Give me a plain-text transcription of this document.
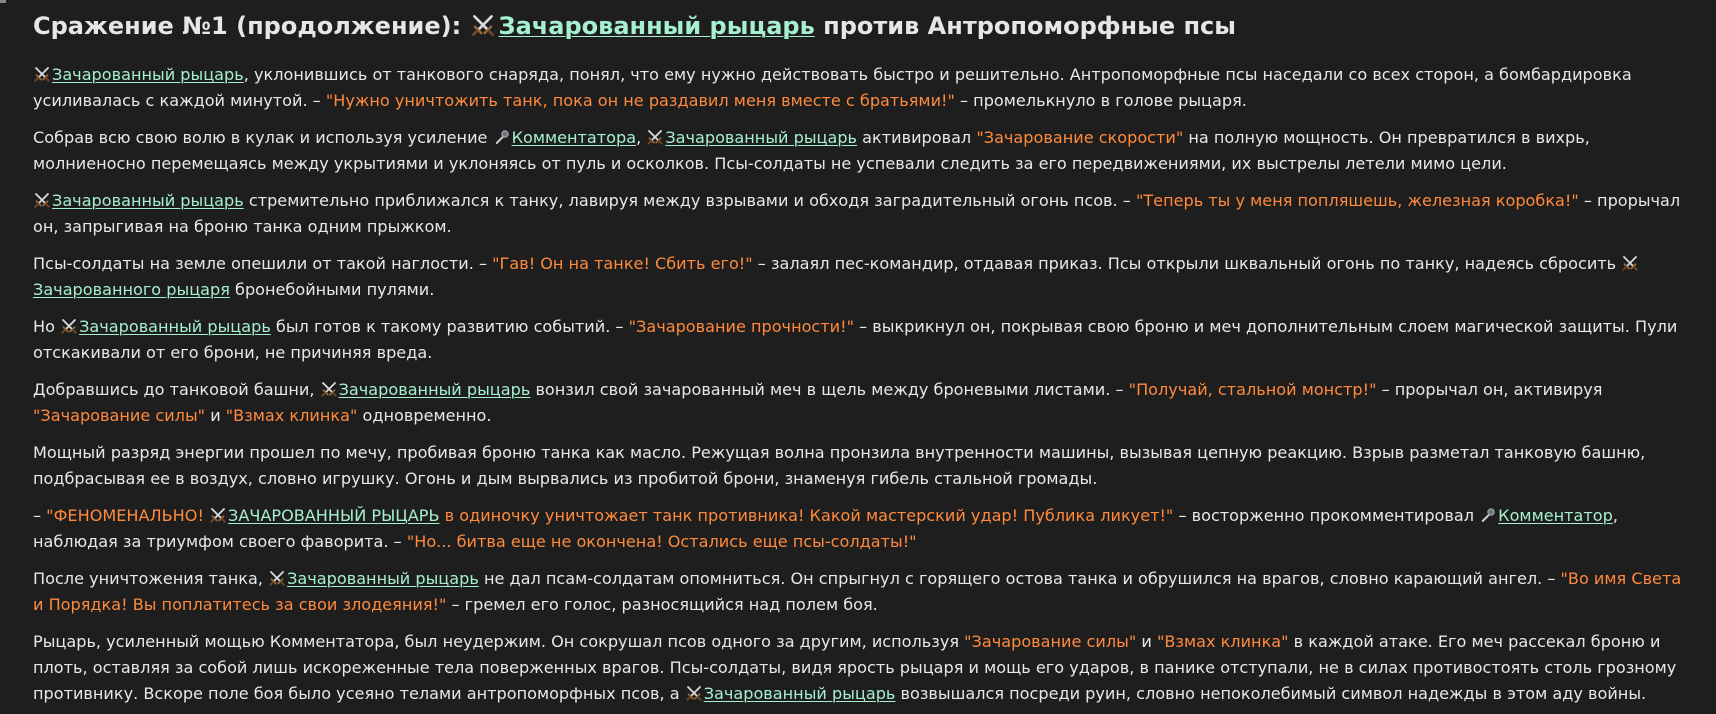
Сражение №1 (продолжение): Зачарованный рыцарь против Антропоморфные псы

Зачарованный рыцарь, уклонившись от танкового снаряда, понял, что ему нужно действовать быстро и решительно. Антропоморфные псы наседали со всех сторон, а бомбардировка усиливалась с каждой минутой. – "Нужно уничтожить танк, пока он не раздавил меня вместе с братьями!" – промелькнуло в голове рыцаря.

Собрав всю свою волю в кулак и используя усиление Комментатора, Зачарованный рыцарь активировал "Зачарование скорости" на полную мощность. Он превратился в вихрь, молниеносно перемещаясь между укрытиями и уклоняясь от пуль и осколков. Псы-солдаты не успевали следить за его передвижениями, их выстрелы летели мимо цели.

Зачарованный рыцарь стремительно приближался к танку, лавируя между взрывами и обходя заградительный огонь псов. – "Теперь ты у меня попляшешь, железная коробка!" – прорычал он, запрыгивая на броню танка одним прыжком.

Псы-солдаты на земле опешили от такой наглости. – "Гав! Он на танке! Сбить его!" – залаял пес-командир, отдавая приказ. Псы открыли шквальный огонь по танку, надеясь сбросить Зачарованного рыцаря бронебойными пулями.

Но Зачарованный рыцарь был готов к такому развитию событий. – "Зачарование прочности!" – выкрикнул он, покрывая свою броню и меч дополнительным слоем магической защиты. Пули отскакивали от его брони, не причиняя вреда.

Добравшись до танковой башни, Зачарованный рыцарь вонзил свой зачарованный меч в щель между броневыми листами. – "Получай, стальной монстр!" – прорычал он, активируя "Зачарование силы" и "Взмах клинка" одновременно.

Мощный разряд энергии прошел по мечу, пробивая броню танка как масло. Режущая волна пронзила внутренности машины, вызывая цепную реакцию. Взрыв разметал танковую башню, подбрасывая ее в воздух, словно игрушку. Огонь и дым вырвались из пробитой брони, знаменуя гибель стальной громады.

– "ФЕНОМЕНАЛЬНО! ЗАЧАРОВАННЫЙ РЫЦАРЬ в одиночку уничтожает танк противника! Какой мастерский удар! Публика ликует!" – восторженно прокомментировал Комментатор, наблюдая за триумфом своего фаворита. – "Но... битва еще не окончена! Остались еще псы-солдаты!"

После уничтожения танка, Зачарованный рыцарь не дал псам-солдатам опомниться. Он спрыгнул с горящего остова танка и обрушился на врагов, словно карающий ангел. – "Во имя Света и Порядка! Вы поплатитесь за свои злодеяния!" – гремел его голос, разносящийся над полем боя.

Рыцарь, усиленный мощью Комментатора, был неудержим. Он сокрушал псов одного за другим, используя "Зачарование силы" и "Взмах клинка" в каждой атаке. Его меч рассекал броню и плоть, оставляя за собой лишь искореженные тела поверженных врагов. Псы-солдаты, видя ярость рыцаря и мощь его ударов, в панике отступали, не в силах противостоять столь грозному противнику. Вскоре поле боя было усеяно телами антропоморфных псов, а Зачарованный рыцарь возвышался посреди руин, словно непоколебимый символ надежды в этом аду войны.
